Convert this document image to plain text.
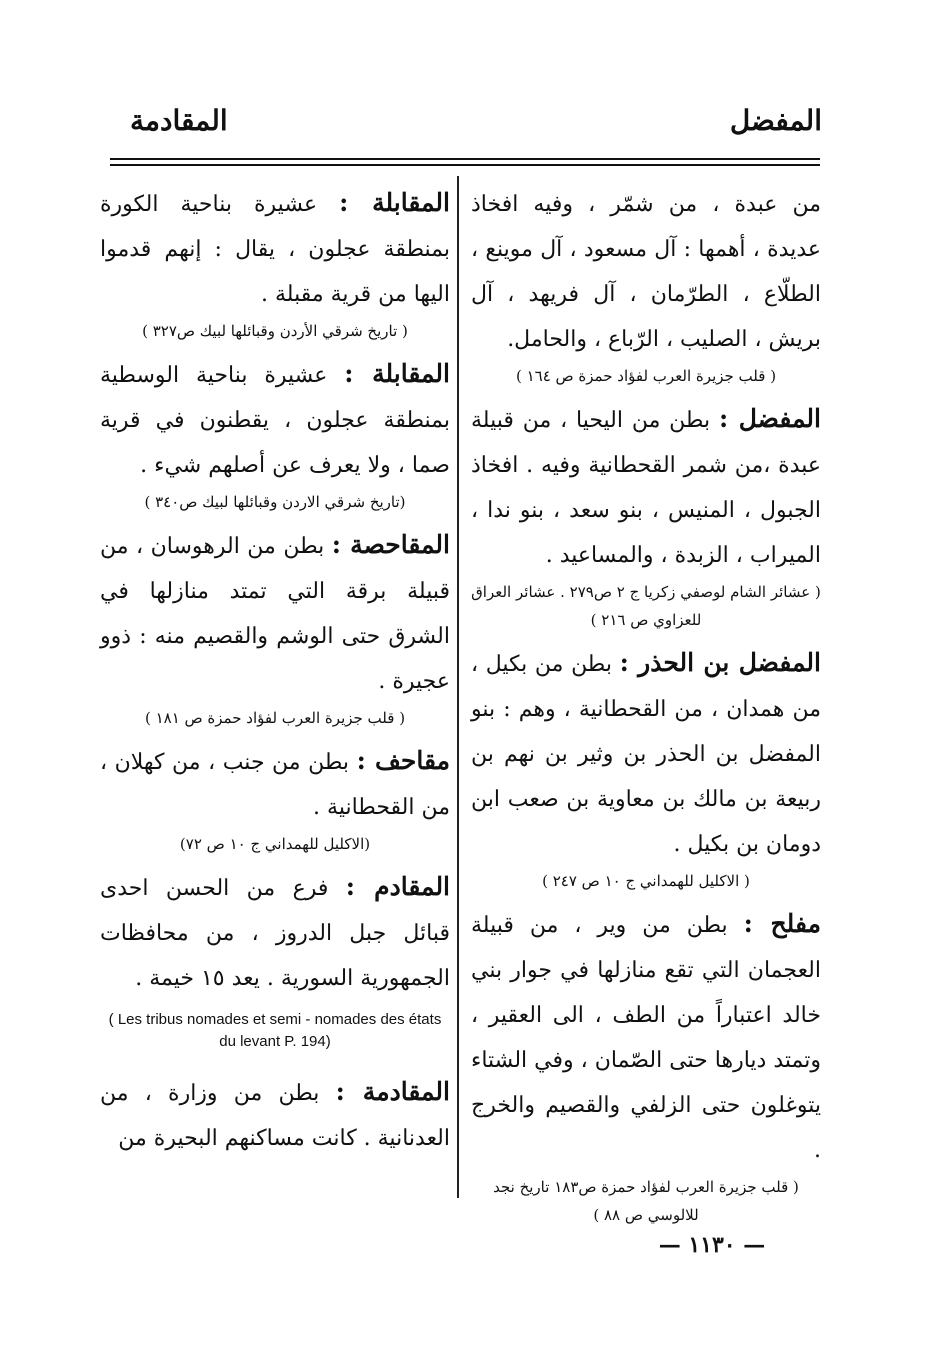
المفضل
المقادمة
من عبدة ، من شمّر ، وفيه افخاذ عديدة ، أهمها : آل مسعود ، آل موينع ، الطلّاع ، الطرّمان ، آل فريهد ، آل بريش ، الصليب ، الرّباع ، والحامل.
( قلب جزيرة العرب لفؤاد حمزة ص ١٦٤ )
المفضل : بطن من اليحيا ، من قبيلة عبدة ،من شمر القحطانية وفيه . افخاذ الجبول ، المنيس ، بنو سعد ، بنو ندا ، الميراب ، الزبدة ، والمساعيد .
( عشائر الشام لوصفي زكريا ج ٢ ص٢٧٩ . عشائر العراق للعزاوي ص ٢١٦ )
المفضل بن الحذر : بطن من بكيل ، من همدان ، من القحطانية ، وهم : بنو المفضل بن الحذر بن وثير بن نهم بن ربيعة بن مالك بن معاوية بن صعب ابن دومان بن بكيل .
( الاكليل للهمداني ج ١٠ ص ٢٤٧ )
مفلح : بطن من وير ، من قبيلة العجمان التي تقع منازلها في جوار بني خالد اعتباراً من الطف ، الى العقير ، وتمتد ديارها حتى الصّمان ، وفي الشتاء يتوغلون حتى الزلفي والقصيم والخرج .
( قلب جزيرة العرب لفؤاد حمزة ص١٨٣ تاريخ نجد للالوسي ص ٨٨ )
المقابلة : عشيرة بناحية الكورة بمنطقة عجلون ، يقال : إنهم قدموا اليها من قرية مقبلة .
( تاريخ شرقي الأردن وقبائلها لبيك ص٣٢٧ )
المقابلة : عشيرة بناحية الوسطية بمنطقة عجلون ، يقطنون في قرية صما ، ولا يعرف عن أصلهم شيء .
(تاريخ شرقي الاردن وقبائلها لبيك ص٣٤٠ )
المقاحصة : بطن من الرهوسان ، من قبيلة برقة التي تمتد منازلها في الشرق حتى الوشم والقصيم منه : ذوو عجيرة .
( قلب جزيرة العرب لفؤاد حمزة ص ١٨١ )
مقاحف : بطن من جنب ، من كهلان ، من القحطانية .
(الاكليل للهمداني ج ١٠ ص ٧٢)
المقادم : فرع من الحسن احدى قبائل جبل الدروز ، من محافظات الجمهورية السورية . يعد ١٥ خيمة .
( Les tribus nomades et semi - nomades des états du levant P. 194)
المقادمة : بطن من وزارة ، من العدنانية . كانت مساكنهم البحيرة من
— ١١٣٠ —
